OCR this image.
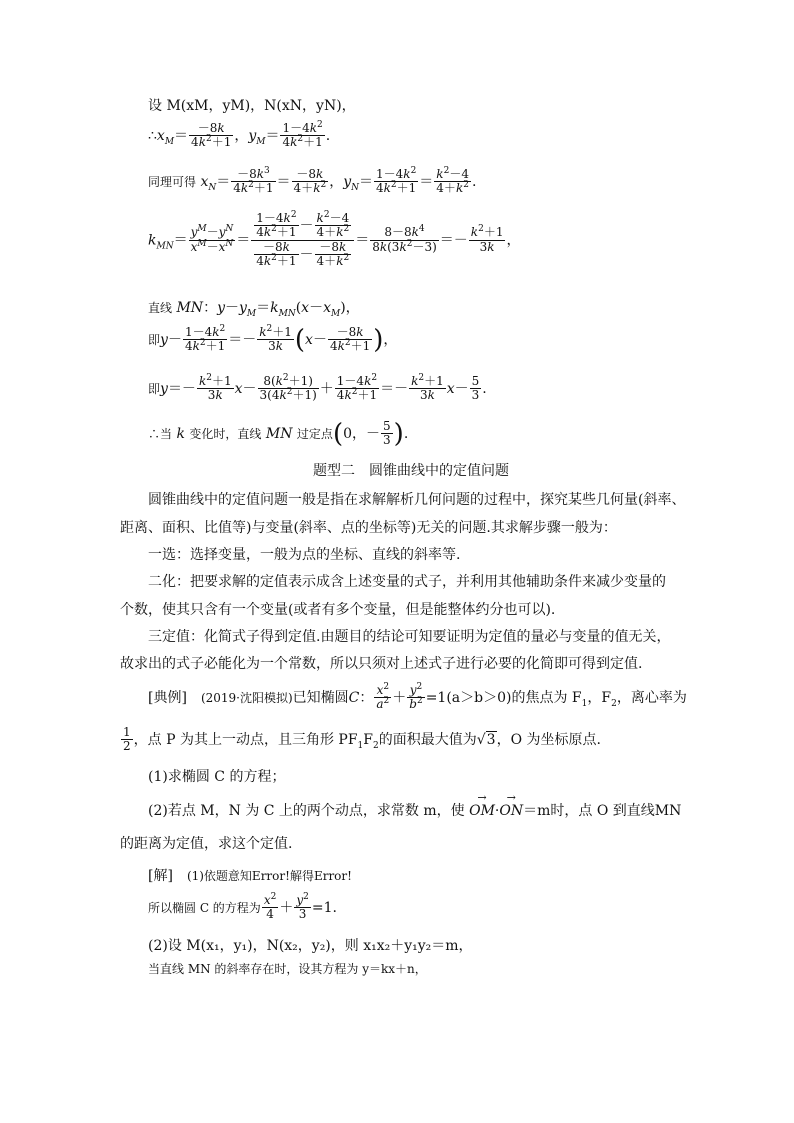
设 M(xM，yM)，N(xN，yN)，
$\therefore x_M= \frac{-8k}{4k^2+1}$ ，$y_M= \frac{1-4k^2}{4k^2+1}$ .
同理可得 $x_N= \frac{-8k^3}{4k^2+1} = \frac{-8k}{4+k^2}$ ，$y_N= \frac{1-4k^2}{4k^2+1} = \frac{k^2-4}{4+k^2}$ .
$k_{MN}= \frac{y^M-y^N}{x^M-x^N} = \frac{\frac{1-4k^2}{4k^2+1} - \frac{k^2-4}{4+k^2}}{\frac{-8k}{4k^2+1} - \frac{-8k}{4+k^2}} = \frac{8-8k^4}{8k(3k^2-3)} =- \frac{k^2+1}{3k}$ ，
直线 MN：$y-y_M=k_{MN}(x-x_M)$，
即$y- \frac{1-4k^2}{4k^2+1} =- \frac{k^2+1}{3k} (x- \frac{-8k}{4k^2+1}$ )，
即$y=- \frac{k^2+1}{3k} x- \frac{8(k^2+1)}{3(4k^2+1)} + \frac{1-4k^2}{4k^2+1} =- \frac{k^2+1}{3k} x- \frac{5}{3}$ .
∴当 k 变化时，直线 MN 过定点(0，－ $\frac{5}{3}$ ).
题型二　圆锥曲线中的定值问题
圆锥曲线中的定值问题一般是指在求解解析几何问题的过程中，探究某些几何量(斜率、
距离、面积、比值等)与变量(斜率、点的坐标等)无关的问题.其求解步骤一般为：
一选：选择变量，一般为点的坐标、直线的斜率等.
二化：把要求解的定值表示成含上述变量的式子，并利用其他辅助条件来减少变量的
个数，使其只含有一个变量(或者有多个变量，但是能整体约分也可以).
三定值：化简式子得到定值.由题目的结论可知要证明为定值的量必与变量的值无关，
故求出的式子必能化为一个常数，所以只须对上述式子进行必要的化简即可得到定值.
[典例]　 (2019·沈阳模拟)已知椭圆C： $\frac{x^2}{a^2} + \frac{y^2}{b^2} =1(a>b>0)$的焦点为 $F_1$，$F_2$，离心率为
$\frac{1}{2}$ ，点 P 为其上一动点，且三角形 $PF_1F_2$的面积最大值为√3，O 为坐标原点.
(1)求椭圆 C 的方程；
(2)若点 M，N 为 C 上的两个动点，求常数 m，使 → OM·→ ON＝m时，点 O 到直线MN
的距离为定值，求这个定值.
[解]　 (1)依题意知Error!解得Error!
所以椭圆 C 的方程为 $\frac{x^2}{4} + \frac{y^2}{3} =1$.
(2)设 M(x₁，y₁)，N(x₂，y₂)，则 x₁x₂＋y₁y₂＝m，
当直线 MN 的斜率存在时，设其方程为 y＝kx＋n，
